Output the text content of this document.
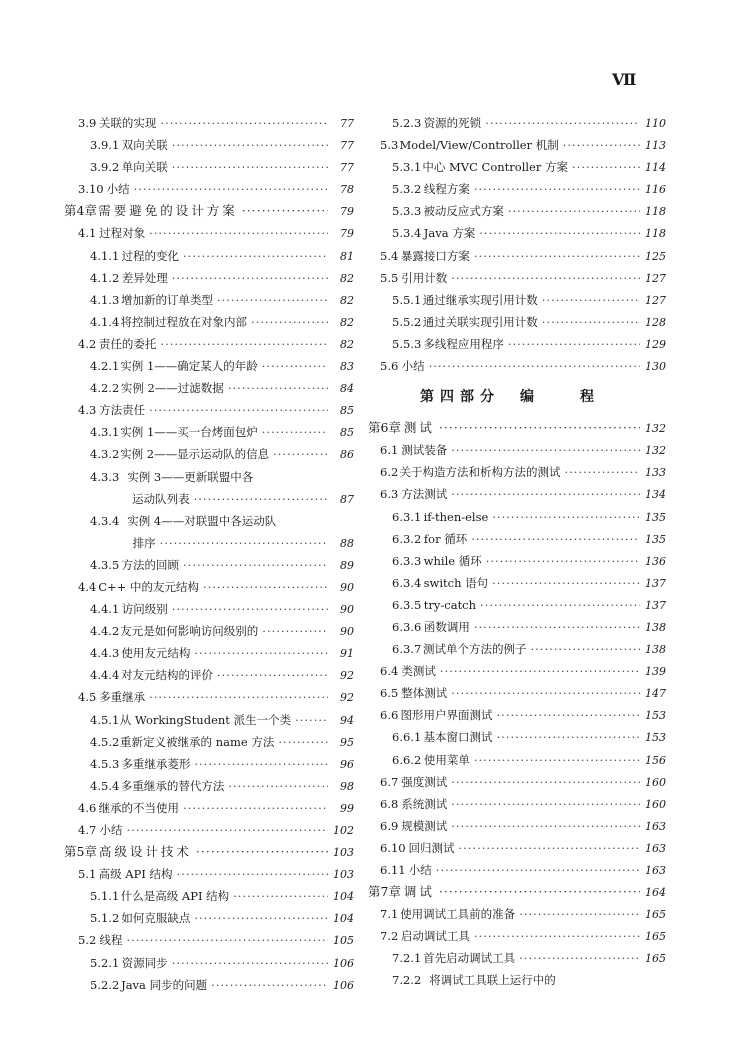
Ⅶ
3.9 关联的实现 ·····	77
3.9.1 双向关联 ·····	77
3.9.2 单向关联 ·····	77
3.10 小结 ·····	78
第4章 需要避免的设计方案 ·····	79
4.1 过程对象 ·····	79
4.1.1 过程的变化 ·····	81
4.1.2 差异处理 ·····	82
4.1.3 增加新的订单类型 ·····	82
4.1.4 将控制过程放在对象内部 ·····	82
4.2 责任的委托 ·····	82
4.2.1 实例 1——确定某人的年龄 ·····	83
4.2.2 实例 2——过滤数据 ·····	84
4.3 方法责任 ·····	85
4.3.1 实例 1——买一台烤面包炉 ·····	85
4.3.2 实例 2——显示运动队的信息 ·····	86
4.3.3 实例 3——更新联盟中各
运动队列表 ·····	87
4.3.4 实例 4——对联盟中各运动队
排序 ·····	88
4.3.5 方法的回顾 ·····	89
4.4 C++ 中的友元结构 ·····	90
4.4.1 访问级别 ·····	90
4.4.2 友元是如何影响访问级别的 ·····	90
4.4.3 使用友元结构 ·····	91
4.4.4 对友元结构的评价 ·····	92
4.5 多重继承 ·····	92
4.5.1 从 WorkingStudent 派生一个类 ·····	94
4.5.2 重新定义被继承的 name 方法 ·····	95
4.5.3 多重继承菱形 ·····	96
4.5.4 多重继承的替代方法 ·····	98
4.6 继承的不当使用 ·····	99
4.7 小结 ·····	102
第5章 高级设计技术 ·····	103
5.1 高级 API 结构 ·····	103
5.1.1 什么是高级 API 结构 ·····	104
5.1.2 如何克服缺点 ·····	104
5.2 线程 ·····	105
5.2.1 资源同步 ·····	106
5.2.2 Java 同步的问题 ·····	106
5.2.3 资源的死锁 ·····	110
5.3 Model/View/Controller 机制 ·····	113
5.3.1 中心 MVC Controller 方案 ·····	114
5.3.2 线程方案 ·····	116
5.3.3 被动反应式方案 ·····	118
5.3.4 Java 方案 ·····	118
5.4 暴露接口方案 ·····	125
5.5 引用计数 ·····	127
5.5.1 通过继承实现引用计数 ·····	127
5.5.2 通过关联实现引用计数 ·····	128
5.5.3 多线程应用程序 ·····	129
5.6 小结 ·····	130
第四部分　编　　程
第6章 测试 ·····	132
6.1 测试装备 ·····	132
6.2 关于构造方法和析构方法的测试 ·····	133
6.3 方法测试 ·····	134
6.3.1 if-then-else ·····	135
6.3.2 for 循环 ·····	135
6.3.3 while 循环 ·····	136
6.3.4 switch 语句 ·····	137
6.3.5 try-catch ·····	137
6.3.6 函数调用 ·····	138
6.3.7 测试单个方法的例子 ·····	138
6.4 类测试 ·····	139
6.5 整体测试 ·····	147
6.6 图形用户界面测试 ·····	153
6.6.1 基本窗口测试 ·····	153
6.6.2 使用菜单 ·····	156
6.7 强度测试 ·····	160
6.8 系统测试 ·····	160
6.9 规模测试 ·····	163
6.10 回归测试 ·····	163
6.11 小结 ·····	163
第7章 调试 ·····	164
7.1 使用调试工具前的准备 ·····	165
7.2 启动调试工具 ·····	165
7.2.1 首先启动调试工具 ·····	165
7.2.2 将调试工具联上运行中的
